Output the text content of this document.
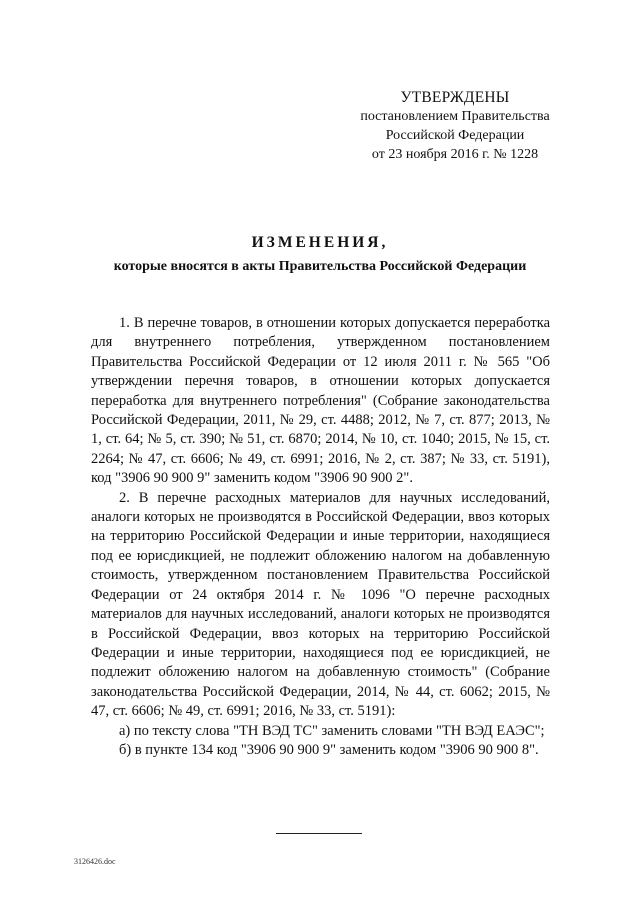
УТВЕРЖДЕНЫ
постановлением Правительства
Российской Федерации
от 23 ноября 2016 г. № 1228
ИЗМЕНЕНИЯ,
которые вносятся в акты Правительства Российской Федерации

1. В перечне товаров, в отношении которых допускается переработка для внутреннего потребления, утвержденном постановлением Правительства Российской Федерации от 12 июля 2011 г. № 565 "Об утверждении перечня товаров, в отношении которых допускается переработка для внутреннего потребления" (Собрание законодательства Российской Федерации, 2011, № 29, ст. 4488; 2012, № 7, ст. 877; 2013, № 1, ст. 64; № 5, ст. 390; № 51, ст. 6870; 2014, № 10, ст. 1040; 2015, № 15, ст. 2264; № 47, ст. 6606; № 49, ст. 6991; 2016, № 2, ст. 387; № 33, ст. 5191), код "3906 90 900 9" заменить кодом "3906 90 900 2".

2. В перечне расходных материалов для научных исследований, аналоги которых не производятся в Российской Федерации, ввоз которых на территорию Российской Федерации и иные территории, находящиеся под ее юрисдикцией, не подлежит обложению налогом на добавленную стоимость, утвержденном постановлением Правительства Российской Федерации от 24 октября 2014 г. № 1096 "О перечне расходных материалов для научных исследований, аналоги которых не производятся в Российской Федерации, ввоз которых на территорию Российской Федерации и иные территории, находящиеся под ее юрисдикцией, не подлежит обложению налогом на добавленную стоимость" (Собрание законодательства Российской Федерации, 2014, № 44, ст. 6062; 2015, № 47, ст. 6606; № 49, ст. 6991; 2016, № 33, ст. 5191):

а) по тексту слова "ТН ВЭД ТС" заменить словами "ТН ВЭД ЕАЭС";

б) в пункте 134 код "3906 90 900 9" заменить кодом "3906 90 900 8".

3126426.doc
